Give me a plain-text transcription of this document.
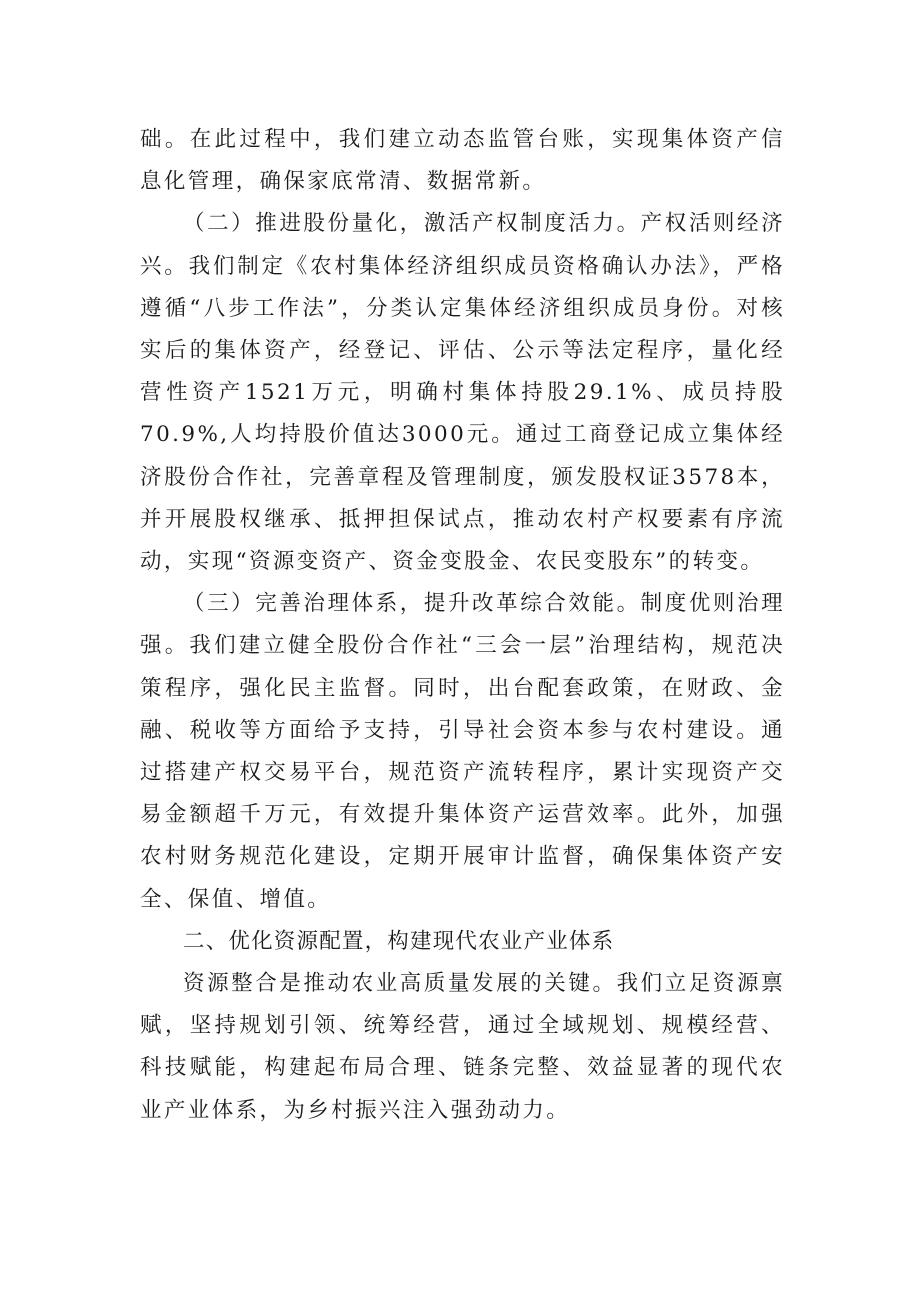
础。在此过程中，我们建立动态监管台账，实现集体资产信息化管理，确保家底常清、数据常新。

（二）推进股份量化，激活产权制度活力。产权活则经济兴。我们制定《农村集体经济组织成员资格确认办法》，严格遵循“八步工作法”，分类认定集体经济组织成员身份。对核实后的集体资产，经登记、评估、公示等法定程序，量化经营性资产1521万元，明确村集体持股29.1%、成员持股70.9%,人均持股价值达3000元。通过工商登记成立集体经济股份合作社，完善章程及管理制度，颁发股权证3578本，并开展股权继承、抵押担保试点，推动农村产权要素有序流动，实现“资源变资产、资金变股金、农民变股东”的转变。

（三）完善治理体系，提升改革综合效能。制度优则治理强。我们建立健全股份合作社“三会一层”治理结构，规范决策程序，强化民主监督。同时，出台配套政策，在财政、金融、税收等方面给予支持，引导社会资本参与农村建设。通过搭建产权交易平台，规范资产流转程序，累计实现资产交易金额超千万元，有效提升集体资产运营效率。此外，加强农村财务规范化建设，定期开展审计监督，确保集体资产安全、保值、增值。

二、优化资源配置，构建现代农业产业体系

资源整合是推动农业高质量发展的关键。我们立足资源禀赋，坚持规划引领、统筹经营，通过全域规划、规模经营、科技赋能，构建起布局合理、链条完整、效益显著的现代农业产业体系，为乡村振兴注入强劲动力。
